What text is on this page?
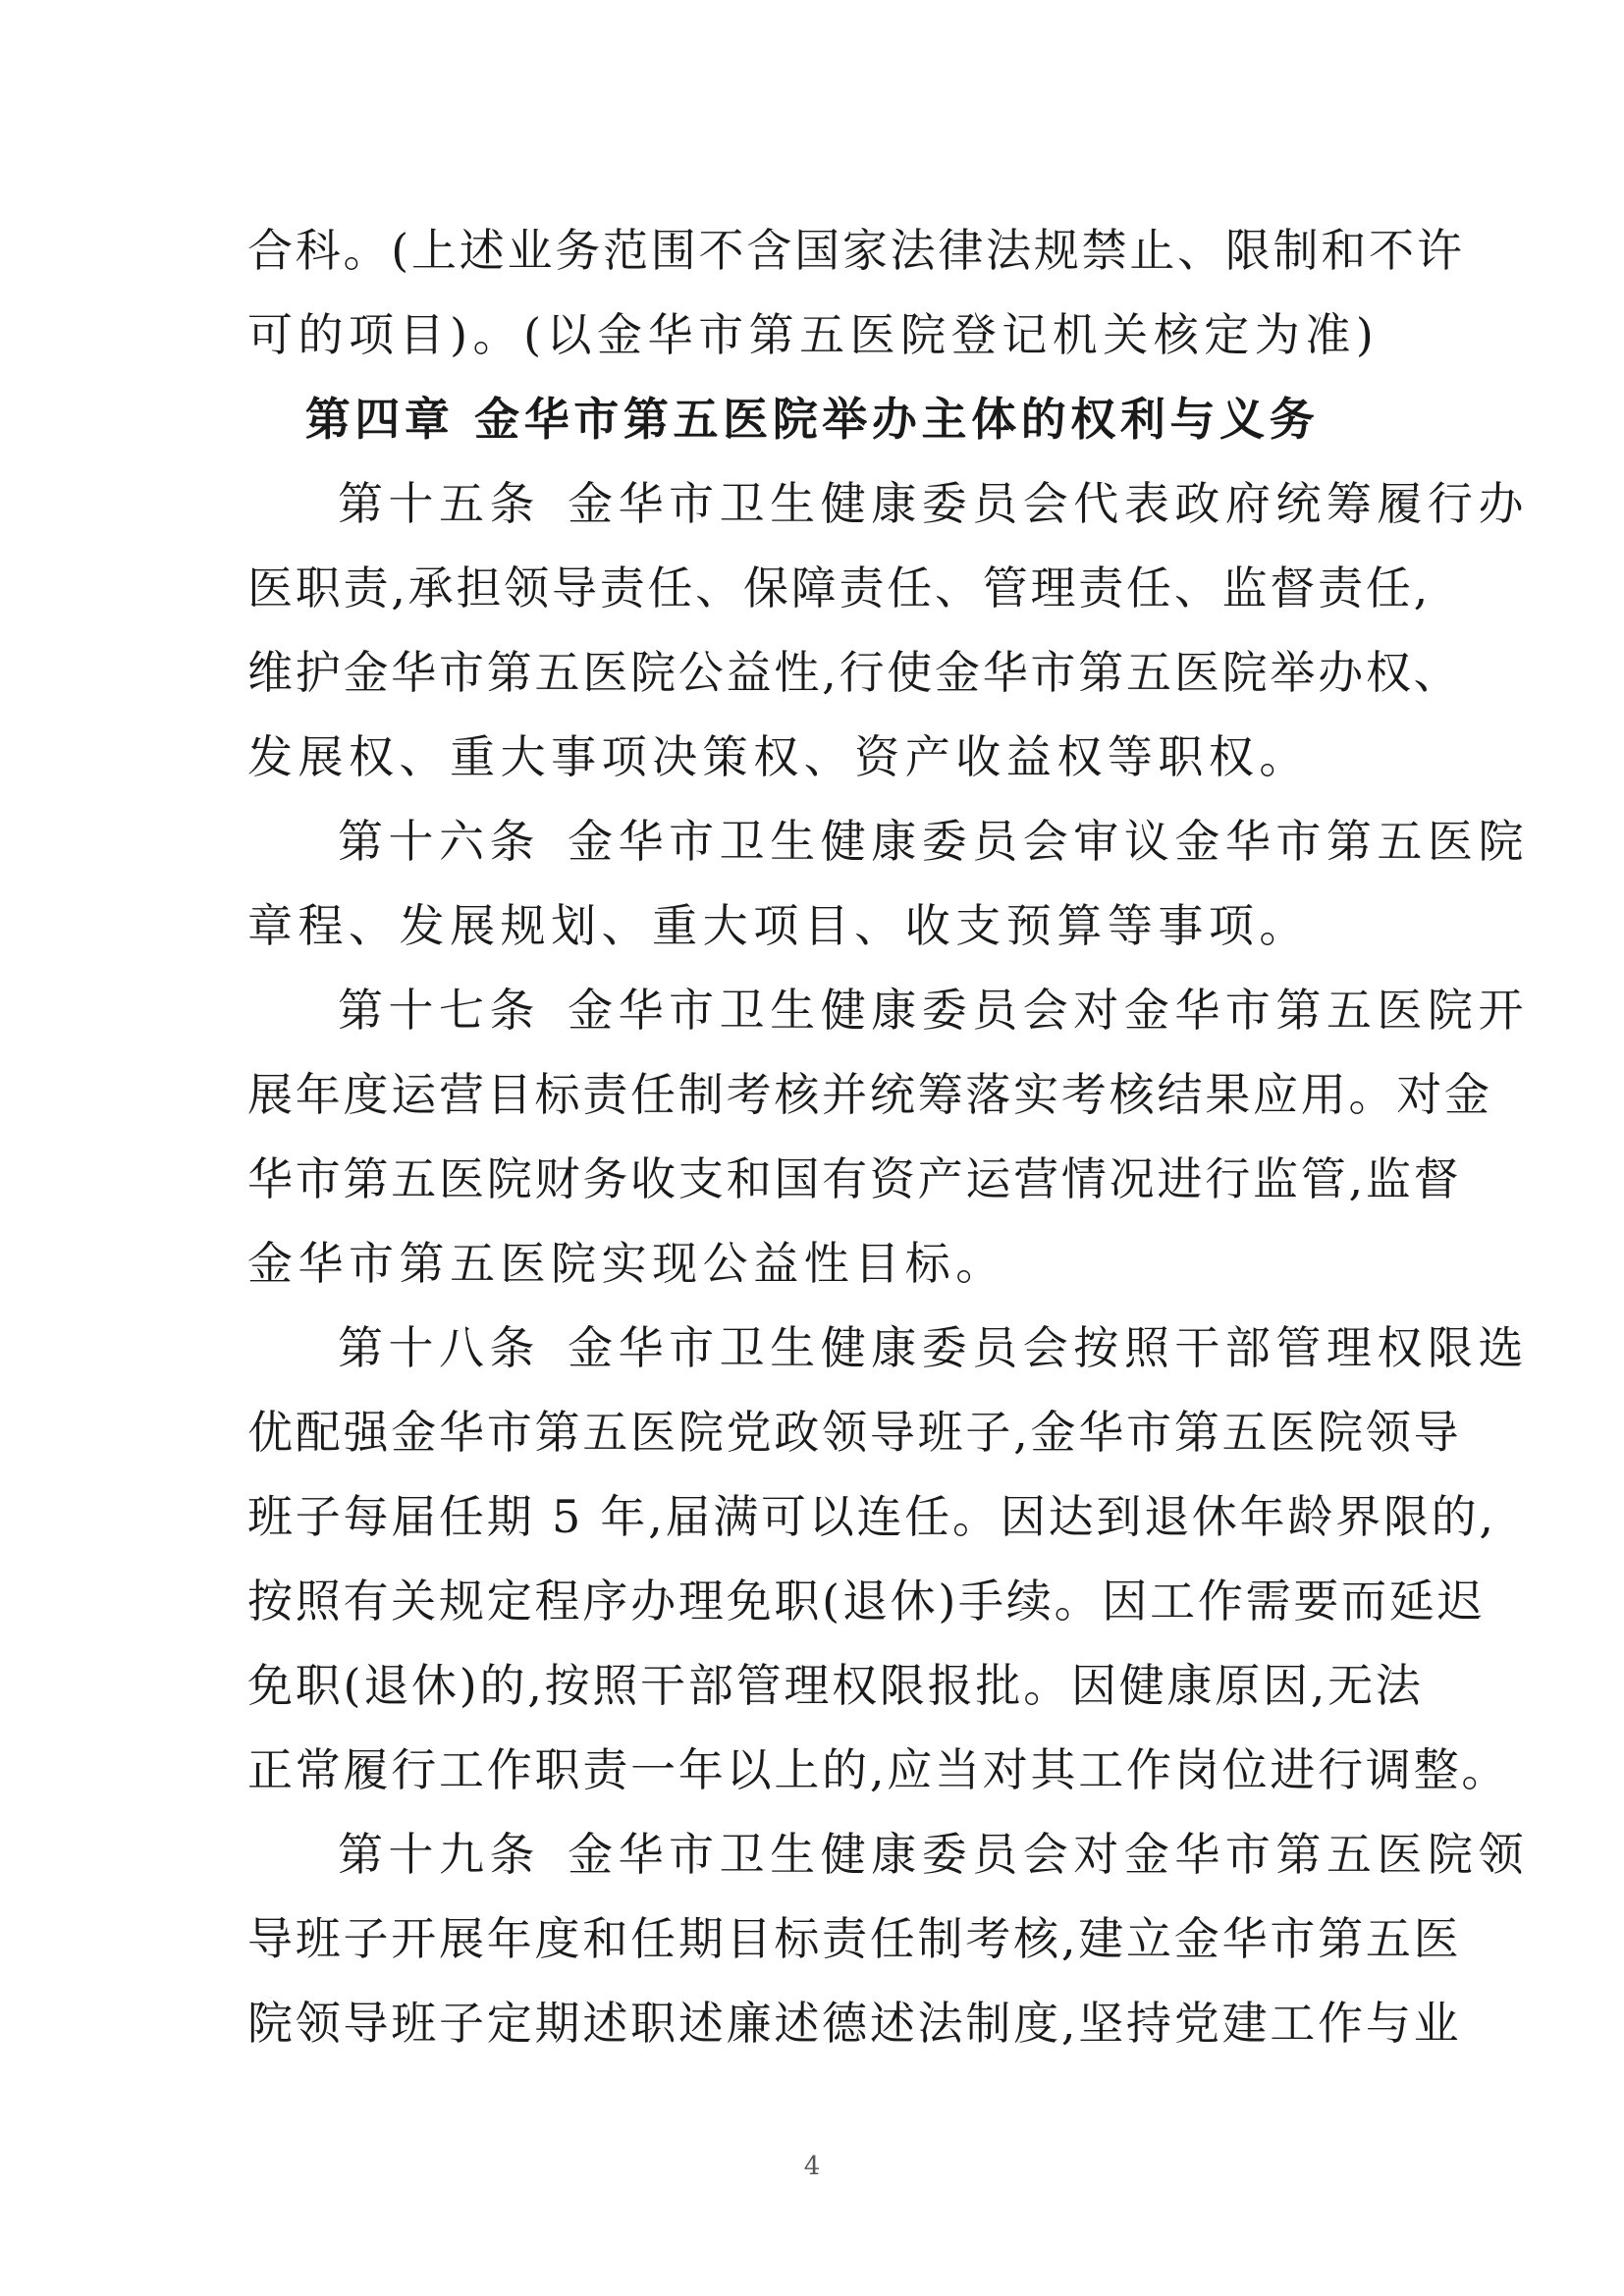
合科。(上述业务范围不含国家法律法规禁止、限制和不许
可的项目)。(以金华市第五医院登记机关核定为准)
第四章 金华市第五医院举办主体的权利与义务
第十五条 金华市卫生健康委员会代表政府统筹履行办
医职责,承担领导责任、保障责任、管理责任、监督责任,
维护金华市第五医院公益性,行使金华市第五医院举办权、
发展权、重大事项决策权、资产收益权等职权。
第十六条 金华市卫生健康委员会审议金华市第五医院
章程、发展规划、重大项目、收支预算等事项。
第十七条 金华市卫生健康委员会对金华市第五医院开
展年度运营目标责任制考核并统筹落实考核结果应用。对金
华市第五医院财务收支和国有资产运营情况进行监管,监督
金华市第五医院实现公益性目标。
第十八条 金华市卫生健康委员会按照干部管理权限选
优配强金华市第五医院党政领导班子,金华市第五医院领导
班子每届任期 5 年,届满可以连任。因达到退休年龄界限的,
按照有关规定程序办理免职(退休)手续。因工作需要而延迟
免职(退休)的,按照干部管理权限报批。因健康原因,无法
正常履行工作职责一年以上的,应当对其工作岗位进行调整。
第十九条 金华市卫生健康委员会对金华市第五医院领
导班子开展年度和任期目标责任制考核,建立金华市第五医
院领导班子定期述职述廉述德述法制度,坚持党建工作与业
4
